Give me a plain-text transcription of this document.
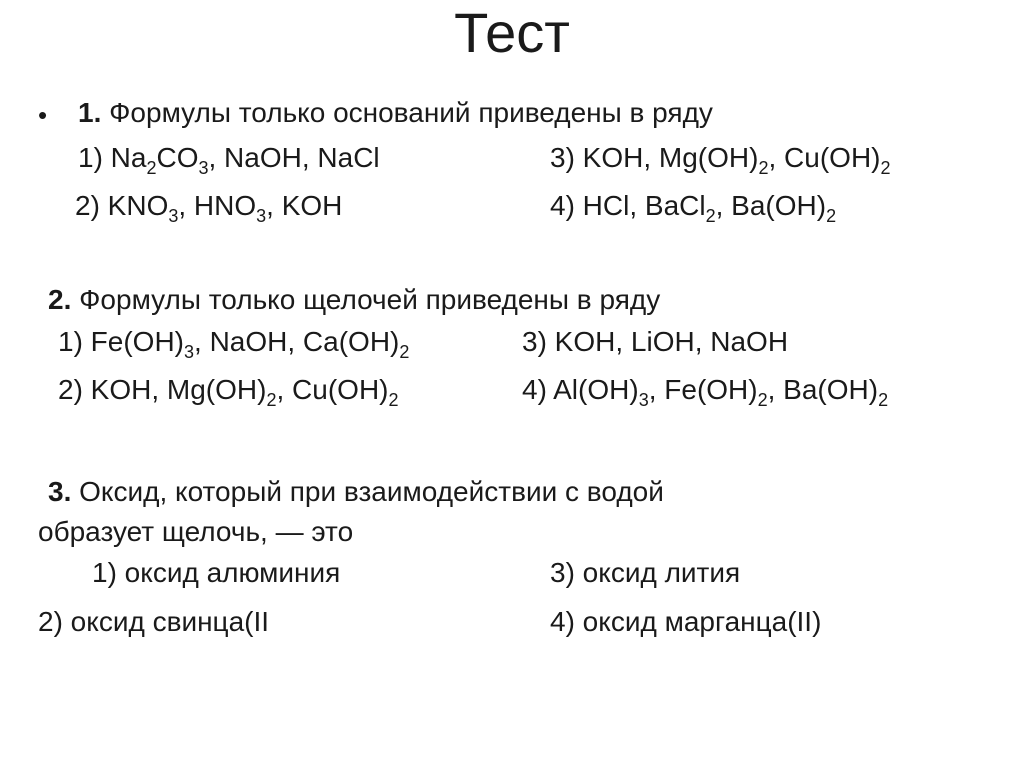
Тест
• 1. Формулы только оснований приведены в ряду
1) $Na_2CO_3$, NaOH, NaCl	3) KOH, $Mg(OH)_2$, $Cu(OH)_2$
2) $KNO_3$, $HNO_3$, KOH	4) HCl, BaCl$_2$, $Ba(OH)_2$
2. Формулы только щелочей приведены в ряду
1) $Fe(OH)_3$, NaOH, $Ca(OH)_2$	3) KOH, LiOH, NaOH
2) KOH, $Mg(OH)_2$, $Cu(OH)_2$	4) $Al(OH)_3$, $Fe(OH)_2$, $Ba(OH)_2$
3. Оксид, который при взаимодействии с водой
образует щелочь, — это
1) оксид алюминия	3) оксид лития
2) оксид свинца(II	4) оксид марганца(II)
